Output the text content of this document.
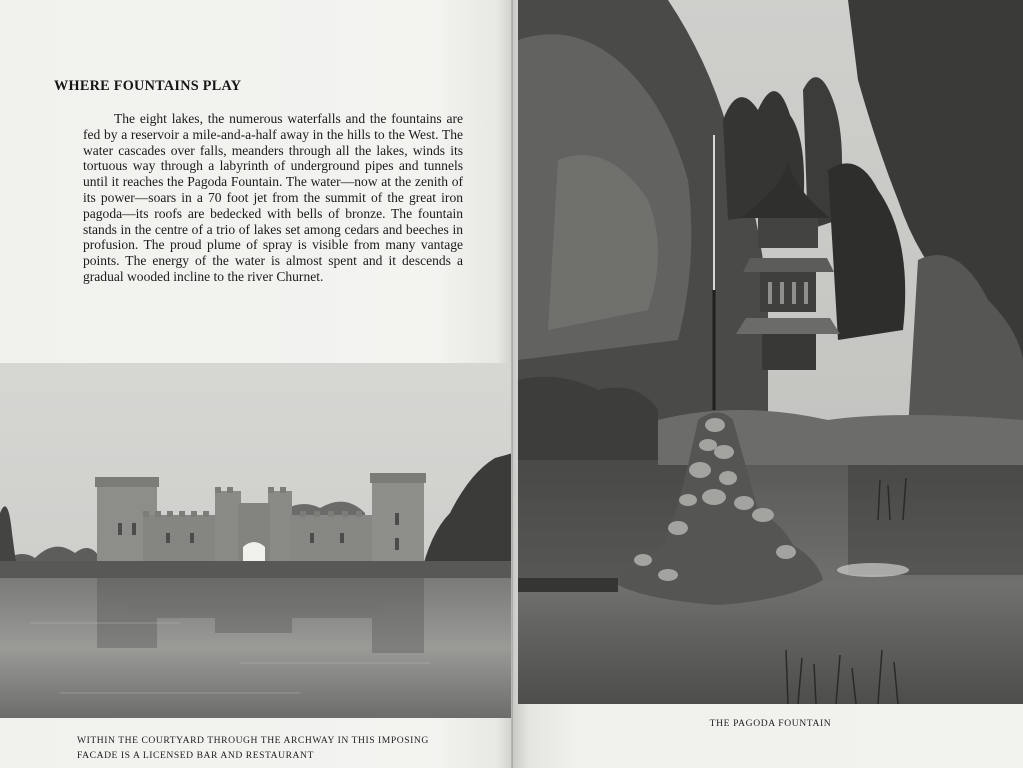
WHERE FOUNTAINS PLAY

The eight lakes, the numerous waterfalls and the fountains are fed by a reservoir a mile-and-a-half away in the hills to the West. The water cascades over falls, meanders through all the lakes, winds its tortuous way through a labyrinth of underground pipes and tunnels until it reaches the Pagoda Fountain. The water—now at the zenith of its power—soars in a 70 foot jet from the summit of the great iron pagoda—its roofs are bedecked with bells of bronze. The fountain stands in the centre of a trio of lakes set among cedars and beeches in profusion. The proud plume of spray is visible from many vantage points. The energy of the water is almost spent and it descends a gradual wooded incline to the river Churnet.

WITHIN THE COURTYARD THROUGH THE ARCHWAY IN THIS IMPOSING FACADE IS A LICENSED BAR AND RESTAURANT

THE PAGODA FOUNTAIN
